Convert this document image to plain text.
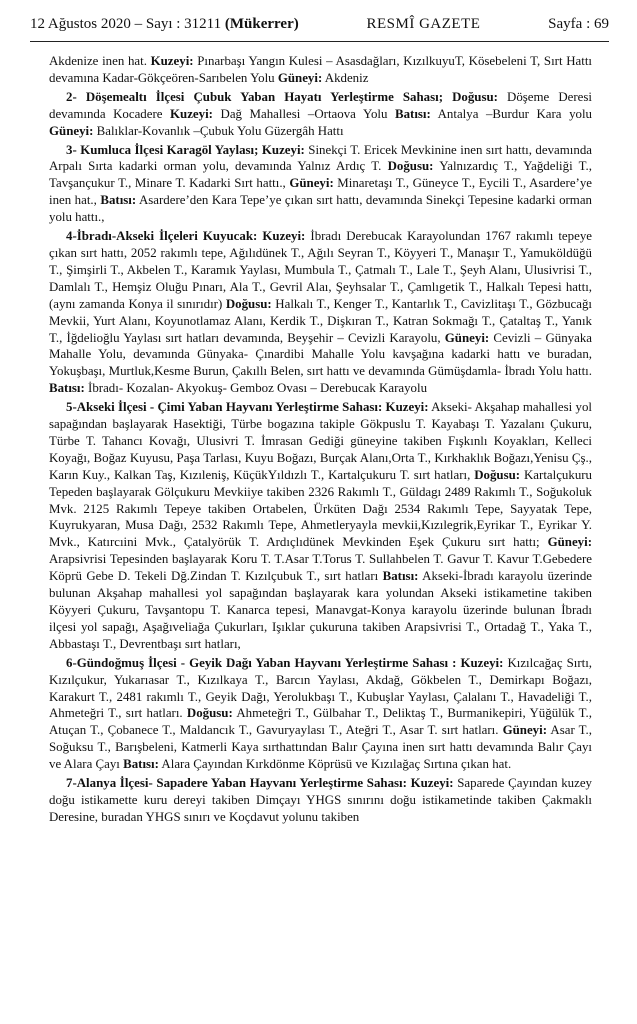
12 Ağustos 2020 – Sayı : 31211 (Mükerrer)	RESMÎ GAZETE	Sayfa : 69

Akdenize inen hat. Kuzeyi: Pınarbaşı Yangın Kulesi – Asasdağları, KızılkuyuT, Kösebeleni T, Sırt Hattı devamına Kadar-Gökçeören-Sarıbelen Yolu Güneyi: Akdeniz

2- Döşemealtı İlçesi Çubuk Yaban Hayatı Yerleştirme Sahası; Doğusu: Döşeme Deresi devamında Kocadere Kuzeyi: Dağ Mahallesi –Ortaova Yolu Batısı: Antalya –Burdur Kara yolu Güneyi: Balıklar-Kovanlık –Çubuk Yolu Güzergâh Hattı

3- Kumluca İlçesi Karagöl Yaylası; Kuzeyi: Sinekçi T. Ericek Mevkinine inen sırt hattı, devamında Arpalı Sırta kadarki orman yolu, devamında Yalnız Ardıç T. Doğusu: Yalnızardıç T., Yağdeliği T., Tavşançukur T., Minare T. Kadarki Sırt hattı., Güneyi: Minaretaşı T., Güneyce T., Eycili T., Asardere’ye inen hat., Batısı: Asardere’den Kara Tepe’ye çıkan sırt hattı, devamında Sinekçi Tepesine kadarki orman yolu hattı.,

4-İbradı-Akseki İlçeleri Kuyucak: Kuzeyi: İbradı Derebucak Karayolundan 1767 rakımlı tepeye çıkan sırt hattı, 2052 rakımlı tepe, Ağılıdünek T., Ağılı Seyran T., Köyyeri T., Manaşır T., Yamuköldüğü T., Şimşirli T., Akbelen T., Karamık Yaylası, Mumbula T., Çatmalı T., Lale T., Şeyh Alanı, Ulusivrisi T., Damlalı T., Hemşiz Oluğu Pınarı, Ala T., Gevril Alaı, Şeyhsalar T., Çamlıgetik T., Halkalı Tepesi hattı, (aynı zamanda Konya il sınırıdır) Doğusu: Halkalı T., Kenger T., Kantarlık T., Cavizlitaşı T., Gözbucağı Mevkii, Yurt Alanı, Koyunotlamaz Alanı, Kerdik T., Dişkıran T., Katran Sokmağı T., Çataltaş T., Yanık T., İğdelioğlu Yaylası sırt hatları devamında, Beyşehir – Cevizli Karayolu, Güneyi: Cevizli – Günyaka Mahalle Yolu, devamında Günyaka- Çınardibi Mahalle Yolu kavşağına kadarki hattı ve buradan, Yokuşbaşı, Murtluk,Kesme Burun, Çakıllı Belen, sırt hattı ve devamında Gümüşdamla- İbradı Yolu hattı. Batısı: İbradı- Kozalan- Akyokuş- Gemboz Ovası – Derebucak Karayolu

5-Akseki İlçesi - Çimi Yaban Hayvanı Yerleştirme Sahası: Kuzeyi: Akseki- Akşahap mahallesi yol sapağından başlayarak Hasektiği, Türbe bogazına takiple Gökpuslu T. Kayabaşı T. Yazalanı Çukuru, Türbe T. Tahancı Kovağı, Ulusivri T. İmrasan Gediği güneyine takiben Fışkınlı Koyakları, Kelleci Koyağı, Boğaz Kuyusu, Paşa Tarlası, Kuyu Boğazı, Burçak Alanı,Orta T., Kırkhaklık Boğazı,Yenisu Çş., Karın Kuy., Kalkan Taş, Kızıleniş, KüçükYıldızlı T., Kartalçukuru T. sırt hatları, Doğusu: Kartalçukuru Tepeden başlayarak Gölçukuru Mevkiiye takiben 2326 Rakımlı T., Güldagı 2489 Rakımlı T., Soğukoluk Mvk. 2125 Rakımlı Tepeye takiben Ortabelen, Ürküten Dağı 2534 Rakımlı Tepe, Sayyatak Tepe, Kuyrukyaran, Musa Dağı, 2532 Rakımlı Tepe, Ahmetleryayla mevkii,Kızılegrik,Eyrikar T., Eyrikar Y. Mvk., Katırcıini Mvk., Çatalyörük T. Ardıçlıdünek Mevkinden Eşek Çukuru sırt hattı; Güneyi: Arapsivrisi Tepesinden başlayarak Koru T. T.Asar T.Torus T. Sullahbelen T. Gavur T. Kavur T.Gebedere Köprü Gebe D. Tekeli Dğ.Zindan T. Kızılçubuk T., sırt hatları Batısı: Akseki-İbradı karayolu üzerinde bulunan Akşahap mahallesi yol sapağından başlayarak kara yolundan Akseki istikametine takiben Köyyeri Çukuru, Tavşantopu T. Kanarca tepesi, Manavgat-Konya karayolu üzerinde bulunan İbradı ilçesi yol sapağı, Aşağıveliağa Çukurları, Işıklar çukuruna takiben Arapsivrisi T., Ortadağ T., Yaka T., Abbastaşı T., Devrentbaşı sırt hatları,

6-Gündoğmuş İlçesi - Geyik Dağı Yaban Hayvanı Yerleştirme Sahası : Kuzeyi: Kızılcağaç Sırtı, Kızılçukur, Yukarıasar T., Kızılkaya T., Barcın Yaylası, Akdağ, Gökbelen T., Demirkapı Boğazı, Karakurt T., 2481 rakımlı T., Geyik Dağı, Yerolukbaşı T., Kubuşlar Yaylası, Çalalanı T., Havadeliği T., Ahmeteğri T., sırt hatları. Doğusu: Ahmeteğri T., Gülbahar T., Deliktaş T., Burmanikepiri, Yüğülük T., Atuçan T., Çobanece T., Maldancık T., Gavuryaylası T., Ateğri T., Asar T. sırt hatları. Güneyi: Asar T., Soğuksu T., Barışbeleni, Katmerli Kaya sırthattından Balır Çayına inen sırt hattı devamında Balır Çayı ve Alara Çayı Batısı: Alara Çayından Kırkdönme Köprüsü ve Kızılağaç Sırtına çıkan hat.

7-Alanya İlçesi- Sapadere Yaban Hayvanı Yerleştirme Sahası: Kuzeyi: Saparede Çayından kuzey doğu istikamette kuru dereyi takiben Dimçayı YHGS sınırını doğu istikametinde takiben Çakmaklı Deresine, buradan YHGS sınırı ve Koçdavut yolunu takiben
